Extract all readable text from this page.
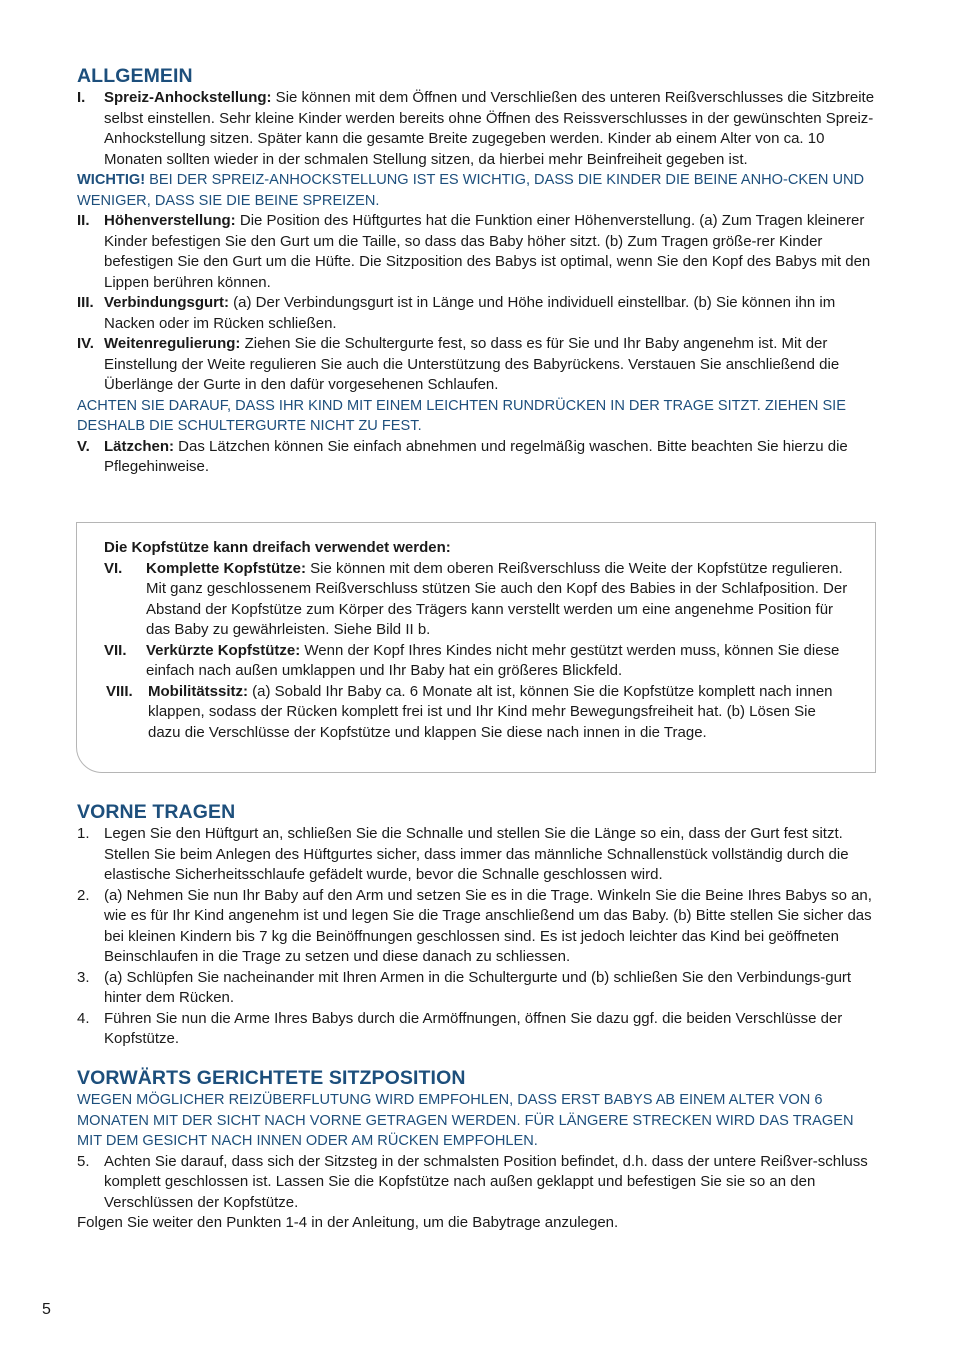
ALLGEMEIN
I. Spreiz-Anhockstellung: Sie können mit dem Öffnen und Verschließen des unteren Reißverschlusses die Sitzbreite selbst einstellen. Sehr kleine Kinder werden bereits ohne Öffnen des Reissverschlusses in der gewünschten Spreiz- Anhockstellung sitzen. Später kann die gesamte Breite zugegeben werden. Kinder ab einem Alter von ca. 10 Monaten sollten wieder in der schmalen Stellung sitzen, da hierbei mehr Beinfreiheit gegeben ist.
WICHTIG! BEI DER SPREIZ-ANHOCKSTELLUNG IST ES WICHTIG, DASS DIE KINDER DIE BEINE ANHO-CKEN UND WENIGER, DASS SIE DIE BEINE SPREIZEN.
II. Höhenverstellung: Die Position des Hüftgurtes hat die Funktion einer Höhenverstellung. (a) Zum Tragen kleinerer Kinder befestigen Sie den Gurt um die Taille, so dass das Baby höher sitzt. (b) Zum Tragen größe-rer Kinder befestigen Sie den Gurt um die Hüfte. Die Sitzposition des Babys ist optimal, wenn Sie den Kopf des Babys mit den Lippen berühren können.
III. Verbindungsgurt: (a) Der Verbindungsgurt ist in Länge und Höhe individuell einstellbar. (b) Sie können ihn im Nacken oder im Rücken schließen.
IV. Weitenregulierung: Ziehen Sie die Schultergurte fest, so dass es für Sie und Ihr Baby angenehm ist. Mit der Einstellung der Weite regulieren Sie auch die Unterstützung des Babyrückens. Verstauen Sie anschließend die Überlänge der Gurte in den dafür vorgesehenen Schlaufen.
ACHTEN SIE DARAUF, DASS IHR KIND MIT EINEM LEICHTEN RUNDRÜCKEN IN DER TRAGE SITZT. ZIEHEN SIE DESHALB DIE SCHULTERGURTE NICHT ZU FEST.
V. Lätzchen: Das Lätzchen können Sie einfach abnehmen und regelmäßig waschen. Bitte beachten Sie hierzu die Pflegehinweise.
Die Kopfstütze kann dreifach verwendet werden:
VI. Komplette Kopfstütze: Sie können mit dem oberen Reißverschluss die Weite der Kopfstütze regulieren. Mit ganz geschlossenem Reißverschluss stützen Sie auch den Kopf des Babies in der Schlafposition. Der Abstand der Kopfstütze zum Körper des Trägers kann verstellt werden um eine angenehme Position für das Baby zu gewährleisten. Siehe Bild II b.
VII. Verkürzte Kopfstütze: Wenn der Kopf Ihres Kindes nicht mehr gestützt werden muss, können Sie diese einfach nach außen umklappen und Ihr Baby hat ein größeres Blickfeld.
VIII. Mobilitätssitz: (a) Sobald Ihr Baby ca. 6 Monate alt ist, können Sie die Kopfstütze komplett nach innen klappen, sodass der Rücken komplett frei ist und Ihr Kind mehr Bewegungsfreiheit hat. (b) Lösen Sie dazu die Verschlüsse der Kopfstütze und klappen Sie diese nach innen in die Trage.
VORNE TRAGEN
1. Legen Sie den Hüftgurt an, schließen Sie die Schnalle und stellen Sie die Länge so ein, dass der Gurt fest sitzt. Stellen Sie beim Anlegen des Hüftgurtes sicher, dass immer das männliche Schnallenstück vollständig durch die elastische Sicherheitsschlaufe gefädelt wurde, bevor die Schnalle geschlossen wird.
2. (a) Nehmen Sie nun Ihr Baby auf den Arm und setzen Sie es in die Trage. Winkeln Sie die Beine Ihres Babys so an, wie es für Ihr Kind angenehm ist und legen Sie die Trage anschließend um das Baby. (b) Bitte stellen Sie sicher das bei kleinen Kindern bis 7 kg die Beinöffnungen geschlossen sind. Es ist jedoch leichter das Kind bei geöffneten Beinschlaufen in die Trage zu setzen und diese danach zu schliessen.
3. (a) Schlüpfen Sie nacheinander mit Ihren Armen in die Schultergurte und (b) schließen Sie den Verbindungs-gurt hinter dem Rücken.
4. Führen Sie nun die Arme Ihres Babys durch die Armöffnungen, öffnen Sie dazu ggf. die beiden Verschlüsse der Kopfstütze.
VORWÄRTS GERICHTETE SITZPOSITION
WEGEN MÖGLICHER REIZÜBERFLUTUNG WIRD EMPFOHLEN, DASS ERST BABYS AB EINEM ALTER VON 6 MONATEN MIT DER SICHT NACH VORNE GETRAGEN WERDEN. FÜR LÄNGERE STRECKEN WIRD DAS TRAGEN MIT DEM GESICHT NACH INNEN ODER AM RÜCKEN EMPFOHLEN.
5. Achten Sie darauf, dass sich der Sitzsteg in der schmalsten Position befindet, d.h. dass der untere Reißver-schluss komplett geschlossen ist. Lassen Sie die Kopfstütze nach außen geklappt und befestigen Sie sie so an den Verschlüssen der Kopfstütze.
Folgen Sie weiter den Punkten 1-4 in der Anleitung, um die Babytrage anzulegen.
5
